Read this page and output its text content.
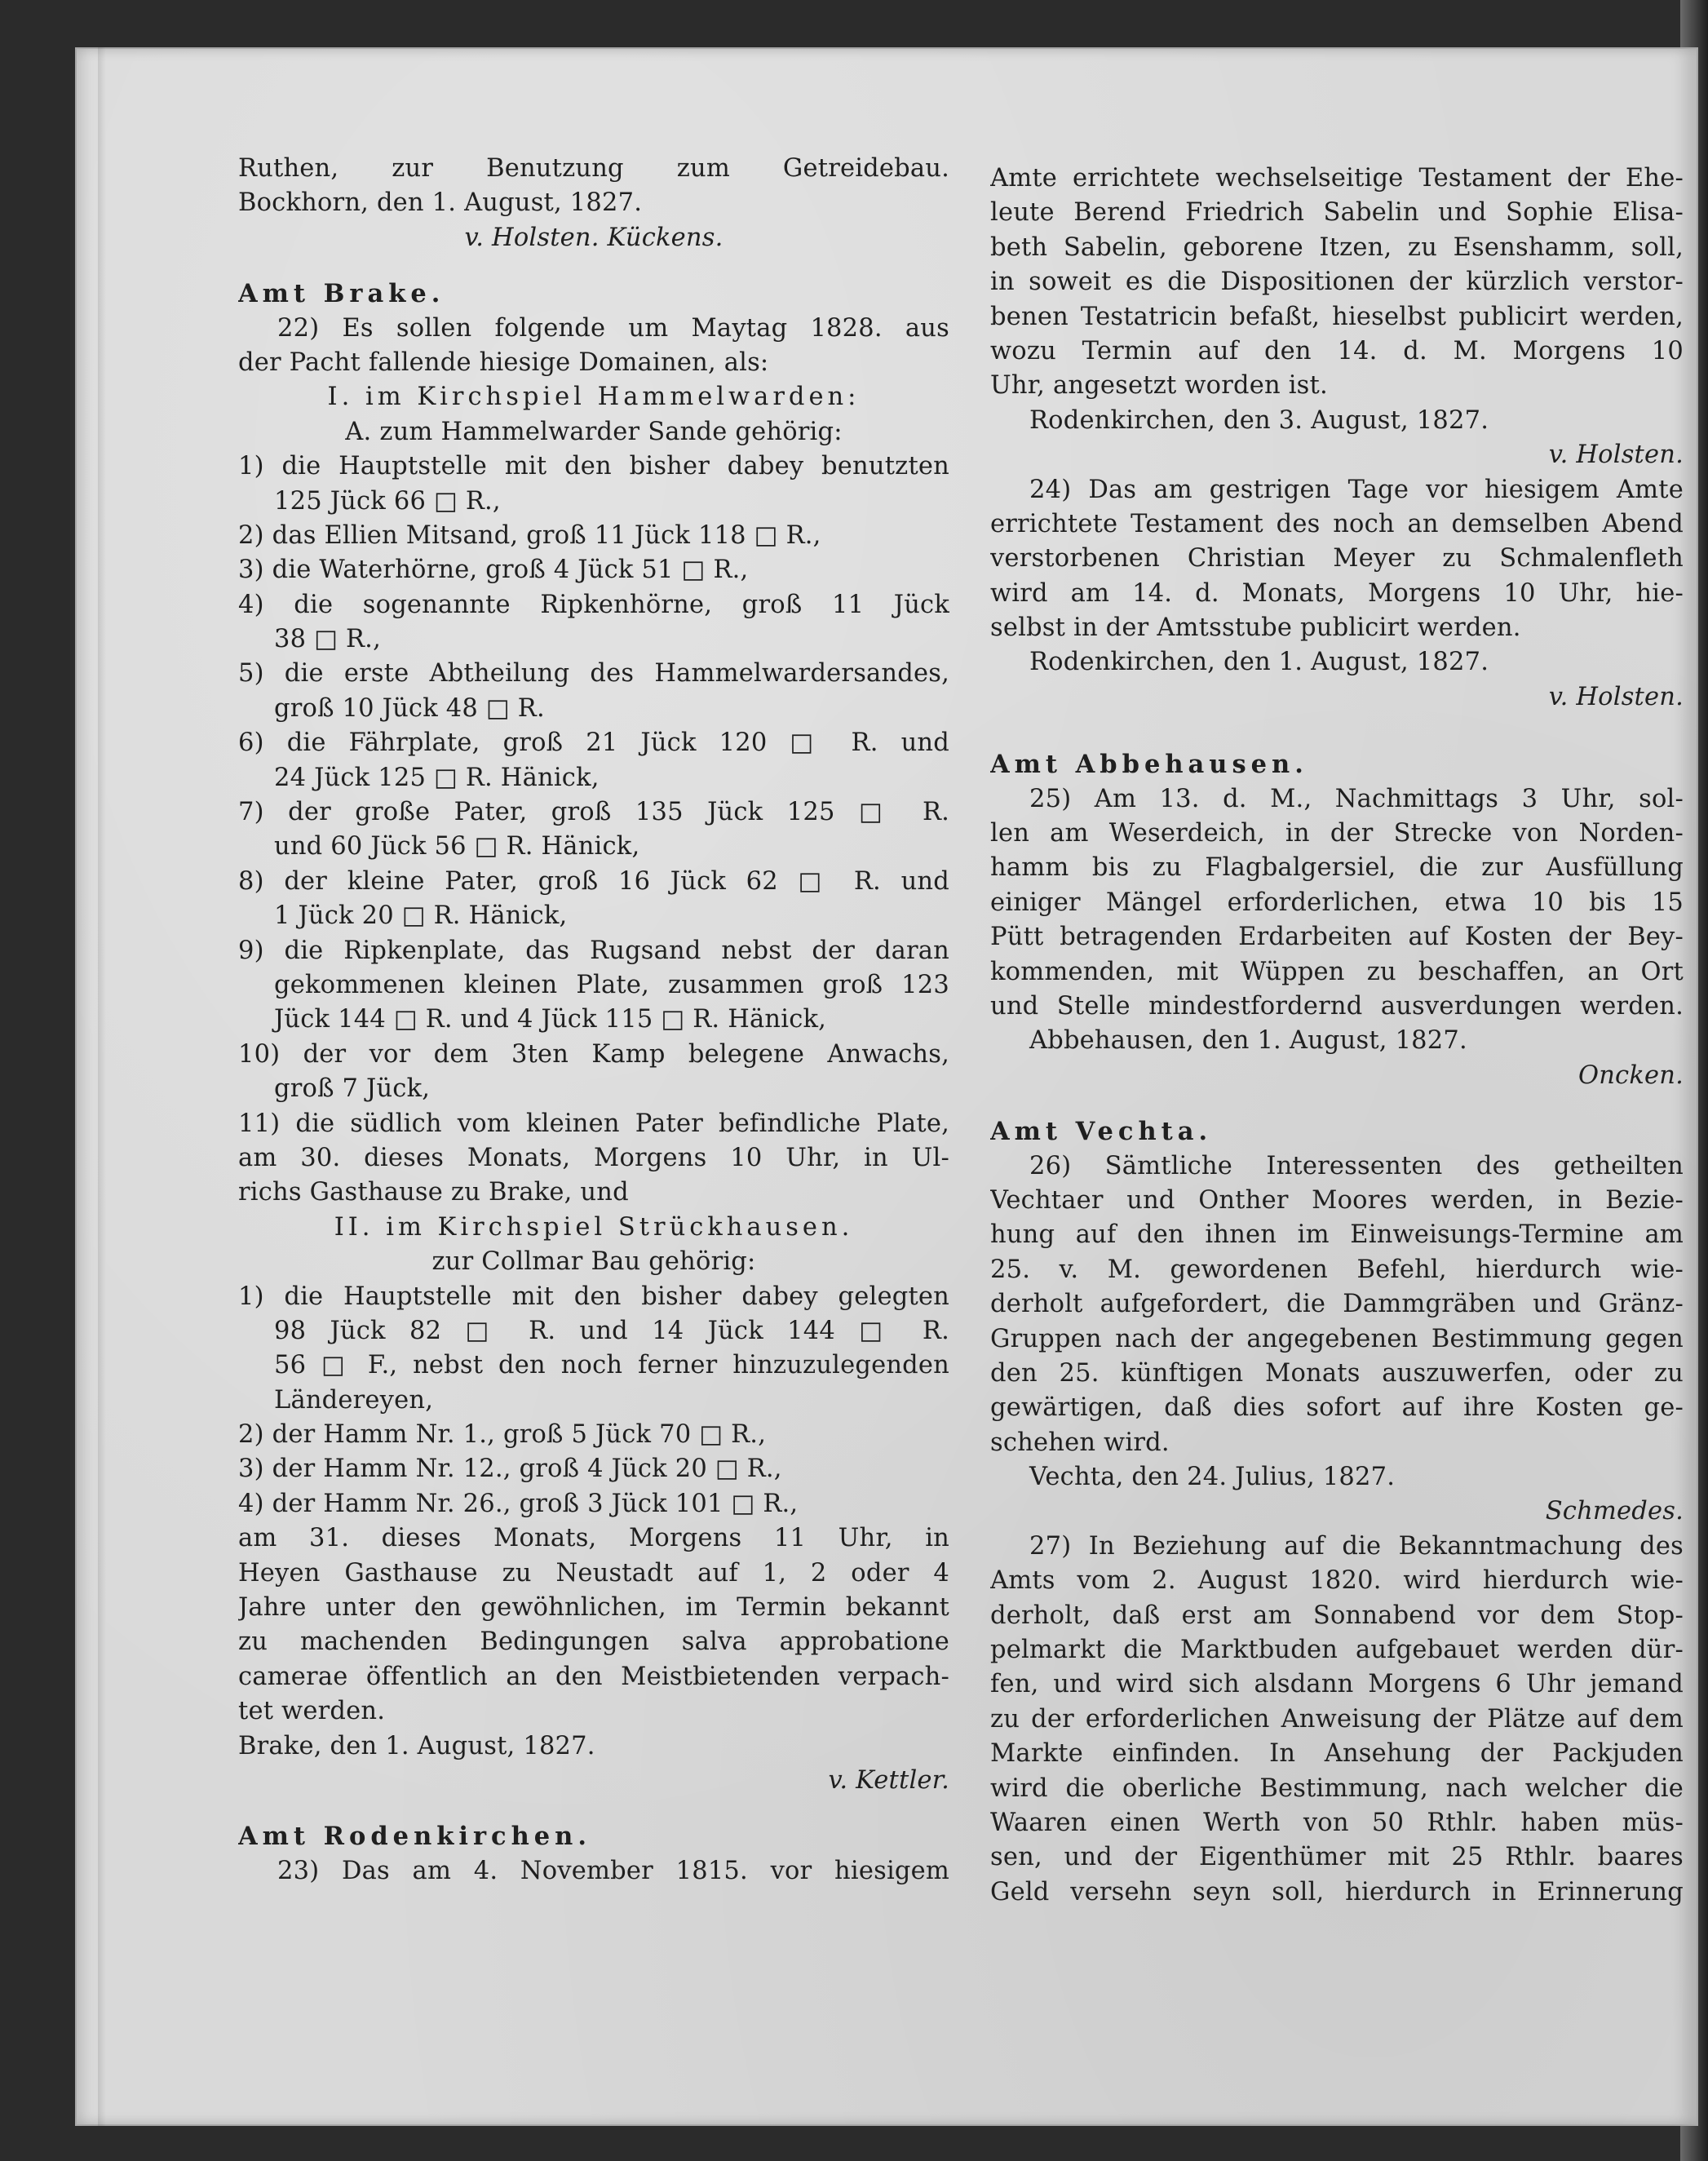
Ruthen, zur Benutzung zum Getreidebau.
Bockhorn, den 1. August, 1827.
v. Holsten. Kückens.
Amt Brake.
22) Es sollen folgende um Maytag 1828. aus
der Pacht fallende hiesige Domainen, als:
I. im Kirchspiel Hammelwarden:
A. zum Hammelwarder Sande gehörig:
1) die Hauptstelle mit den bisher dabey benutzten
125 Jück 66 □ R.,
2) das Ellien Mitsand, groß 11 Jück 118 □ R.,
3) die Waterhörne, groß 4 Jück 51 □ R.,
4) die sogenannte Ripkenhörne, groß 11 Jück
38 □ R.,
5) die erste Abtheilung des Hammelwardersandes,
groß 10 Jück 48 □ R.
6) die Fährplate, groß 21 Jück 120 □ R. und
24 Jück 125 □ R. Hänick,
7) der große Pater, groß 135 Jück 125 □ R.
und 60 Jück 56 □ R. Hänick,
8) der kleine Pater, groß 16 Jück 62 □ R. und
1 Jück 20 □ R. Hänick,
9) die Ripkenplate, das Rugsand nebst der daran
gekommenen kleinen Plate, zusammen groß 123
Jück 144 □ R. und 4 Jück 115 □ R. Hänick,
10) der vor dem 3ten Kamp belegene Anwachs,
groß 7 Jück,
11) die südlich vom kleinen Pater befindliche Plate,
am 30. dieses Monats, Morgens 10 Uhr, in Ul-
richs Gasthause zu Brake, und
II. im Kirchspiel Strückhausen.
zur Collmar Bau gehörig:
1) die Hauptstelle mit den bisher dabey gelegten
98 Jück 82 □ R. und 14 Jück 144 □ R.
56 □ F., nebst den noch ferner hinzuzulegenden
Ländereyen,
2) der Hamm Nr. 1., groß 5 Jück 70 □ R.,
3) der Hamm Nr. 12., groß 4 Jück 20 □ R.,
4) der Hamm Nr. 26., groß 3 Jück 101 □ R.,
am 31. dieses Monats, Morgens 11 Uhr, in
Heyen Gasthause zu Neustadt auf 1, 2 oder 4
Jahre unter den gewöhnlichen, im Termin bekannt
zu machenden Bedingungen salva approbatione
camerae öffentlich an den Meistbietenden verpach-
tet werden.
Brake, den 1. August, 1827.
v. Kettler.
Amt Rodenkirchen.
23) Das am 4. November 1815. vor hiesigem
Amte errichtete wechselseitige Testament der Ehe-
leute Berend Friedrich Sabelin und Sophie Elisa-
beth Sabelin, geborene Itzen, zu Esenshamm, soll,
in soweit es die Dispositionen der kürzlich verstor-
benen Testatricin befaßt, hieselbst publicirt werden,
wozu Termin auf den 14. d. M. Morgens 10
Uhr, angesetzt worden ist.
Rodenkirchen, den 3. August, 1827.
v. Holsten.
24) Das am gestrigen Tage vor hiesigem Amte
errichtete Testament des noch an demselben Abend
verstorbenen Christian Meyer zu Schmalenfleth
wird am 14. d. Monats, Morgens 10 Uhr, hie-
selbst in der Amtsstube publicirt werden.
Rodenkirchen, den 1. August, 1827.
v. Holsten.
Amt Abbehausen.
25) Am 13. d. M., Nachmittags 3 Uhr, sol-
len am Weserdeich, in der Strecke von Norden-
hamm bis zu Flagbalgersiel, die zur Ausfüllung
einiger Mängel erforderlichen, etwa 10 bis 15
Pütt betragenden Erdarbeiten auf Kosten der Bey-
kommenden, mit Wüppen zu beschaffen, an Ort
und Stelle mindestfordernd ausverdungen werden.
Abbehausen, den 1. August, 1827.
Oncken.
Amt Vechta.
26) Sämtliche Interessenten des getheilten
Vechtaer und Onther Moores werden, in Bezie-
hung auf den ihnen im Einweisungs-Termine am
25. v. M. gewordenen Befehl, hierdurch wie-
derholt aufgefordert, die Dammgräben und Gränz-
Gruppen nach der angegebenen Bestimmung gegen
den 25. künftigen Monats auszuwerfen, oder zu
gewärtigen, daß dies sofort auf ihre Kosten ge-
schehen wird.
Vechta, den 24. Julius, 1827.
Schmedes.
27) In Beziehung auf die Bekanntmachung des
Amts vom 2. August 1820. wird hierdurch wie-
derholt, daß erst am Sonnabend vor dem Stop-
pelmarkt die Marktbuden aufgebauet werden dür-
fen, und wird sich alsdann Morgens 6 Uhr jemand
zu der erforderlichen Anweisung der Plätze auf dem
Markte einfinden. In Ansehung der Packjuden
wird die oberliche Bestimmung, nach welcher die
Waaren einen Werth von 50 Rthlr. haben müs-
sen, und der Eigenthümer mit 25 Rthlr. baares
Geld versehn seyn soll, hierdurch in Erinnerung
